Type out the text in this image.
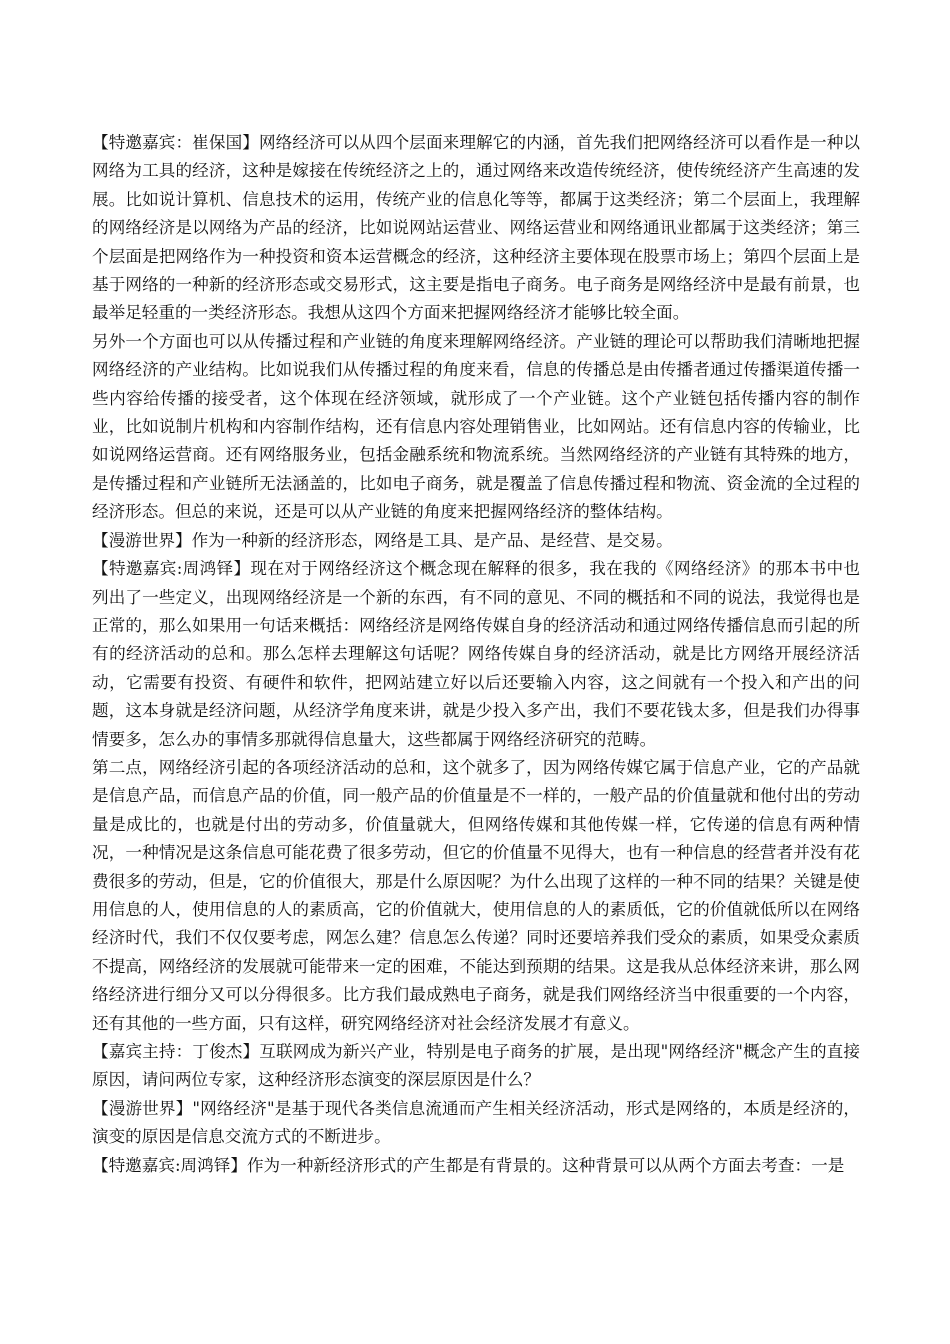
【特邀嘉宾：崔保国】网络经济可以从四个层面来理解它的内涵，首先我们把网络经济可以看作是一种以网络为工具的经济，这种是嫁接在传统经济之上的，通过网络来改造传统经济，使传统经济产生高速的发展。比如说计算机、信息技术的运用，传统产业的信息化等等，都属于这类经济；第二个层面上，我理解的网络经济是以网络为产品的经济，比如说网站运营业、网络运营业和网络通讯业都属于这类经济；第三个层面是把网络作为一种投资和资本运营概念的经济，这种经济主要体现在股票市场上；第四个层面上是基于网络的一种新的经济形态或交易形式，这主要是指电子商务。电子商务是网络经济中是最有前景，也最举足轻重的一类经济形态。我想从这四个方面来把握网络经济才能够比较全面。

另外一个方面也可以从传播过程和产业链的角度来理解网络经济。产业链的理论可以帮助我们清晰地把握网络经济的产业结构。比如说我们从传播过程的角度来看，信息的传播总是由传播者通过传播渠道传播一些内容给传播的接受者，这个体现在经济领域，就形成了一个产业链。这个产业链包括传播内容的制作业，比如说制片机构和内容制作结构，还有信息内容处理销售业，比如网站。还有信息内容的传输业，比如说网络运营商。还有网络服务业，包括金融系统和物流系统。当然网络经济的产业链有其特殊的地方，是传播过程和产业链所无法涵盖的，比如电子商务，就是覆盖了信息传播过程和物流、资金流的全过程的经济形态。但总的来说，还是可以从产业链的角度来把握网络经济的整体结构。

【漫游世界】作为一种新的经济形态，网络是工具、是产品、是经营、是交易。

【特邀嘉宾:周鸿铎】现在对于网络经济这个概念现在解释的很多，我在我的《网络经济》的那本书中也列出了一些定义，出现网络经济是一个新的东西，有不同的意见、不同的概括和不同的说法，我觉得也是正常的，那么如果用一句话来概括：网络经济是网络传媒自身的经济活动和通过网络传播信息而引起的所有的经济活动的总和。那么怎样去理解这句话呢？网络传媒自身的经济活动，就是比方网络开展经济活动，它需要有投资、有硬件和软件，把网站建立好以后还要输入内容，这之间就有一个投入和产出的问题，这本身就是经济问题，从经济学角度来讲，就是少投入多产出，我们不要花钱太多，但是我们办得事情要多，怎么办的事情多那就得信息量大，这些都属于网络经济研究的范畴。

第二点，网络经济引起的各项经济活动的总和，这个就多了，因为网络传媒它属于信息产业，它的产品就是信息产品，而信息产品的价值，同一般产品的价值量是不一样的，一般产品的价值量就和他付出的劳动量是成比的，也就是付出的劳动多，价值量就大，但网络传媒和其他传媒一样，它传递的信息有两种情况，一种情况是这条信息可能花费了很多劳动，但它的价值量不见得大，也有一种信息的经营者并没有花费很多的劳动，但是，它的价值很大，那是什么原因呢？为什么出现了这样的一种不同的结果？关键是使用信息的人，使用信息的人的素质高，它的价值就大，使用信息的人的素质低，它的价值就低所以在网络经济时代，我们不仅仅要考虑，网怎么建？信息怎么传递？同时还要培养我们受众的素质，如果受众素质不提高，网络经济的发展就可能带来一定的困难，不能达到预期的结果。这是我从总体经济来讲，那么网络经济进行细分又可以分得很多。比方我们最成熟电子商务，就是我们网络经济当中很重要的一个内容，还有其他的一些方面，只有这样，研究网络经济对社会经济发展才有意义。

【嘉宾主持：丁俊杰】互联网成为新兴产业，特别是电子商务的扩展，是出现"网络经济"概念产生的直接原因，请问两位专家，这种经济形态演变的深层原因是什么？

【漫游世界】"网络经济"是基于现代各类信息流通而产生相关经济活动，形式是网络的，本质是经济的，演变的原因是信息交流方式的不断进步。

【特邀嘉宾:周鸿铎】作为一种新经济形式的产生都是有背景的。这种背景可以从两个方面去考查：一是
